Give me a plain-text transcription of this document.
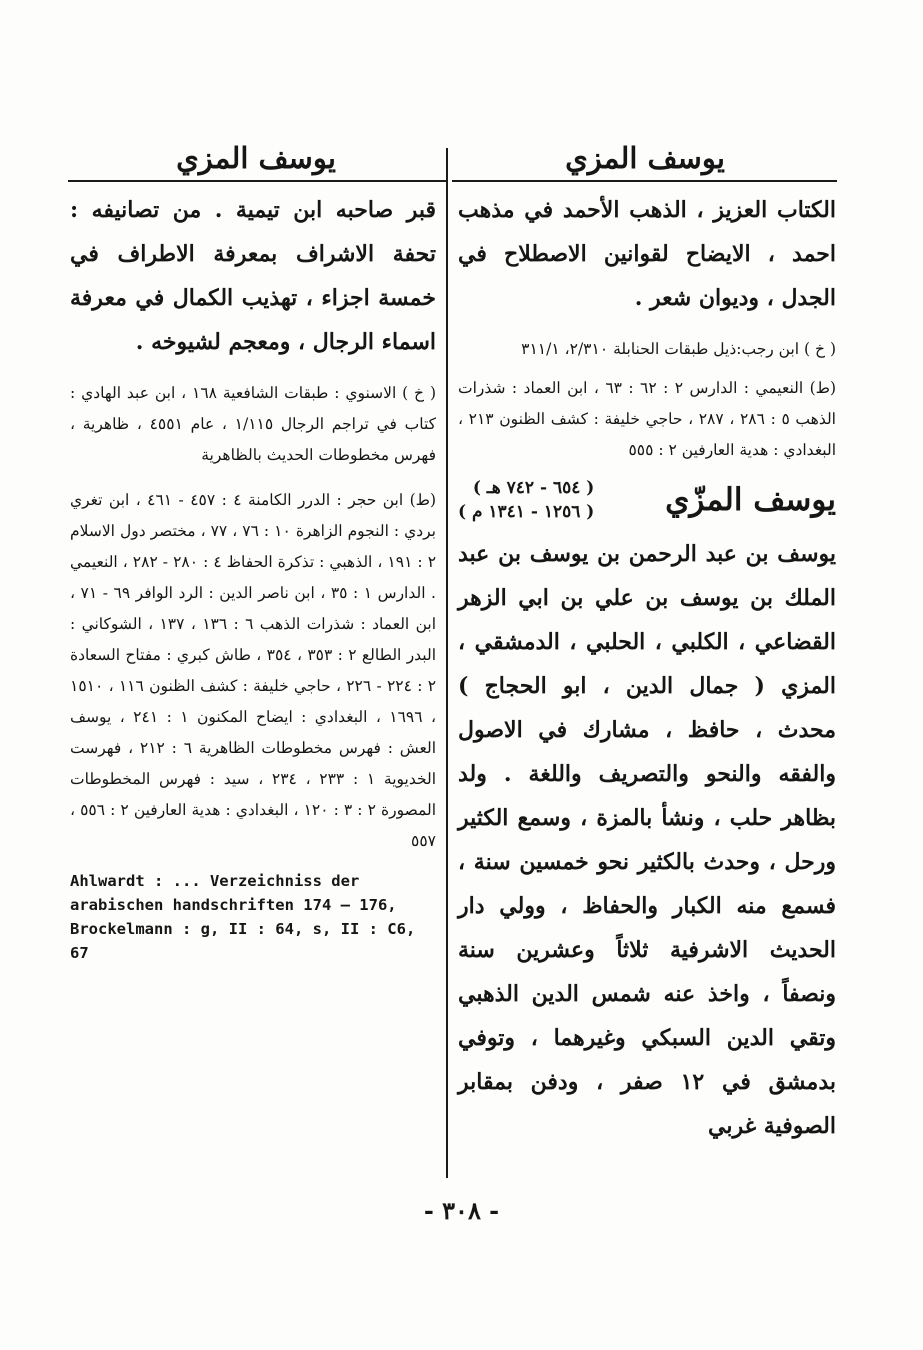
يوسف المزي
يوسف المزي

الكتاب العزيز ، الذهب الأحمد في مذهب احمد ، الايضاح لقوانين الاصطلاح في الجدل ، وديوان شعر .

( خ ) ابن رجب:ذيل طبقات الحنابلة ٢/٣١٠، ٣١١/١

(ط) النعيمي : الدارس ٢ : ٦٢ : ٦٣ ، ابن العماد : شذرات الذهب ٥ : ٢٨٦ ، ٢٨٧ ، حاجي خليفة : كشف الظنون ٢١٣ ، البغدادي : هدية العارفين ٢ : ٥٥٥

يوسف المزّي
( ٦٥٤ - ٧٤٢ هـ )
( ١٢٥٦ - ١٣٤١ م )

يوسف بن عبد الرحمن بن يوسف بن عبد الملك بن يوسف بن علي بن ابي الزهر القضاعي ، الكلبي ، الحلبي ، الدمشقي ، المزي ( جمال الدين ، ابو الحجاج ) محدث ، حافظ ، مشارك في الاصول والفقه والنحو والتصريف واللغة . ولد بظاهر حلب ، ونشأ بالمزة ، وسمع الكثير ورحل ، وحدث بالكثير نحو خمسين سنة ، فسمع منه الكبار والحفاظ ، وولي دار الحديث الاشرفية ثلاثاً وعشرين سنة ونصفاً ، واخذ عنه شمس الدين الذهبي وتقي الدين السبكي وغيرهما ، وتوفي بدمشق في ١٢ صفر ، ودفن بمقابر الصوفية غربي

قبر صاحبه ابن تيمية . من تصانيفه : تحفة الاشراف بمعرفة الاطراف في خمسة اجزاء ، تهذيب الكمال في معرفة اسماء الرجال ، ومعجم لشيوخه .

( خ ) الاسنوي : طبقات الشافعية ١٦٨ ، ابن عبد الهادي : كتاب في تراجم الرجال ١/١١٥ ، عام ٤٥٥١ ، ظاهرية ، فهرس مخطوطات الحديث بالظاهرية

(ط) ابن حجر : الدرر الكامنة ٤ : ٤٥٧ - ٤٦١ ، ابن تغري بردي : النجوم الزاهرة ١٠ : ٧٦ ، ٧٧ ، مختصر دول الاسلام ٢ : ١٩١ ، الذهبي : تذكرة الحفاظ ٤ : ٢٨٠ - ٢٨٢ ، النعيمي . الدارس ١ : ٣٥ ، ابن ناصر الدين : الرد الوافر ٦٩ - ٧١ ، ابن العماد : شذرات الذهب ٦ : ١٣٦ ، ١٣٧ ، الشوكاني : البدر الطالع ٢ : ٣٥٣ ، ٣٥٤ ، طاش كبري : مفتاح السعادة ٢ : ٢٢٤ - ٢٢٦ ، حاجي خليفة : كشف الظنون ١١٦ ، ١٥١٠ ، ١٦٩٦ ، البغدادي : ايضاح المكنون ١ : ٢٤١ ، يوسف العش : فهرس مخطوطات الظاهرية ٦ : ٢١٢ ، فهرست الخديوية ١ : ٢٣٣ ، ٢٣٤ ، سيد : فهرس المخطوطات المصورة ٢ : ٣ : ١٢٠ ، البغدادي : هدية العارفين ٢ : ٥٥٦ ، ٥٥٧

Ahlwardt : ... Verzeichniss der arabischen handschriften 174 — 176, Brockelmann : g, II : 64, s, II : C6, 67

- ٣٠٨ -
